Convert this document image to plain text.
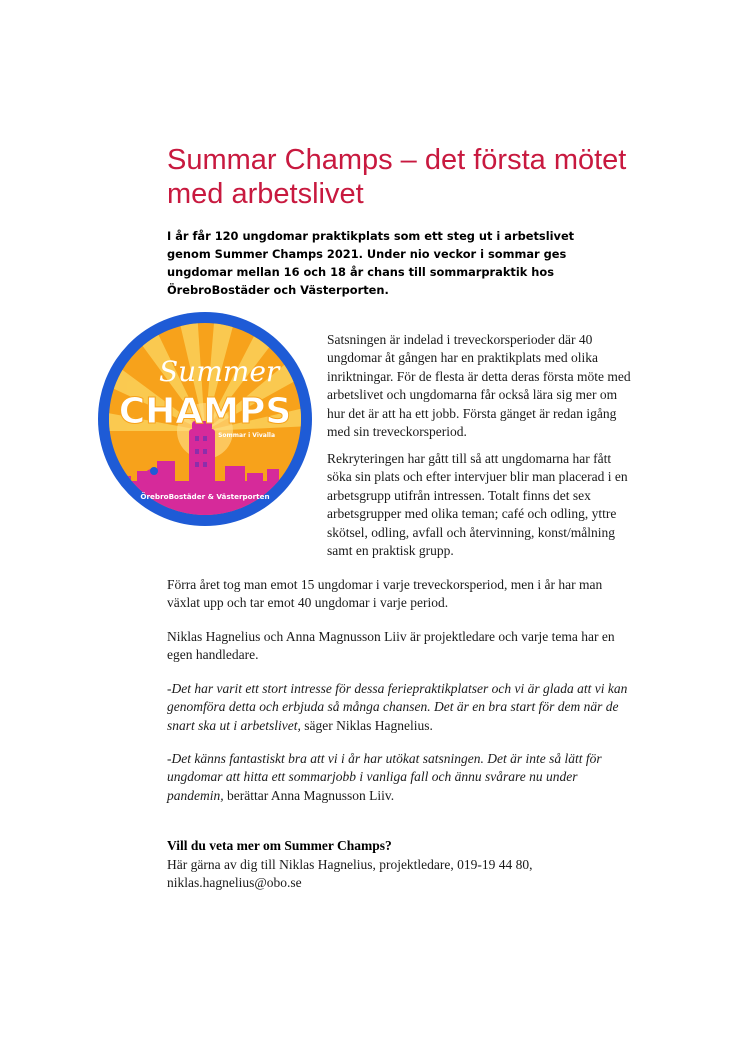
Summar Champs – det första mötet med arbetslivet

I år får 120 ungdomar praktikplats som ett steg ut i arbetslivet genom Summer Champs 2021. Under nio veckor i sommar ges ungdomar mellan 16 och 18 år chans till sommarpraktik hos ÖrebroBostäder och Västerporten.

Summer
CHAMPS
Sommar i Vivalla
ÖrebroBostäder & Västerporten

Satsningen är indelad i treveckorsperioder där 40 ungdomar åt gången har en praktikplats med olika inriktningar. För de flesta är detta deras första möte med arbetslivet och ungdomarna får också lära sig mer om hur det är att ha ett jobb. Första gänget är redan igång med sin treveckorsperiod.

Rekryteringen har gått till så att ungdomarna har fått söka sin plats och efter intervjuer blir man placerad i en arbetsgrupp utifrån intressen. Totalt finns det sex arbetsgrupper med olika teman; café och odling, yttre skötsel, odling, avfall och återvinning, konst/målning samt en praktisk grupp.

Förra året tog man emot 15 ungdomar i varje treveckorsperiod, men i år har man växlat upp och tar emot 40 ungdomar i varje period.

Niklas Hagnelius och Anna Magnusson Liiv är projektledare och varje tema har en egen handledare.

-Det har varit ett stort intresse för dessa feriepraktikplatser och vi är glada att vi kan genomföra detta och erbjuda så många chansen. Det är en bra start för dem när de snart ska ut i arbetslivet, säger Niklas Hagnelius.

-Det känns fantastiskt bra att vi i år har utökat satsningen. Det är inte så lätt för ungdomar att hitta ett sommarjobb i vanliga fall och ännu svårare nu under pandemin, berättar Anna Magnusson Liiv.

Vill du veta mer om Summer Champs?

Här gärna av dig till Niklas Hagnelius, projektledare, 019-19 44 80,

niklas.hagnelius@obo.se
